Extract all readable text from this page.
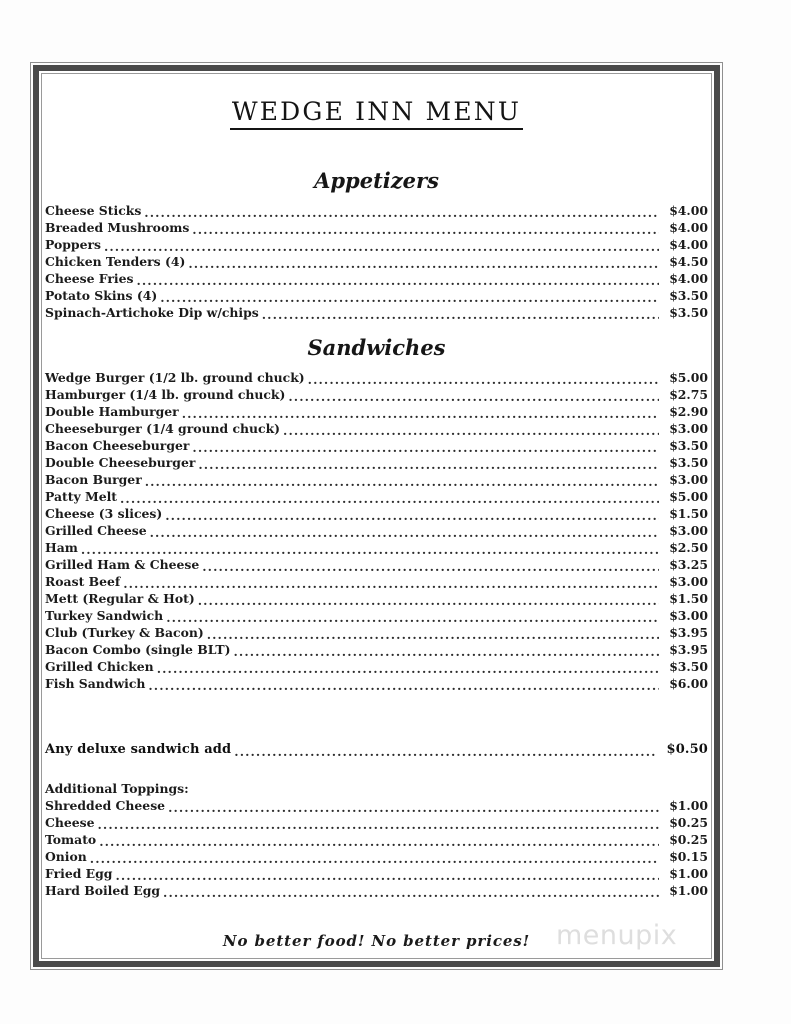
WEDGE INN MENU
Appetizers
Cheese Sticks .....	$4.00
Breaded Mushrooms .....	$4.00
Poppers .....	$4.00
Chicken Tenders (4) .....	$4.50
Cheese Fries .....	$4.00
Potato Skins (4) .....	$3.50
Spinach-Artichoke Dip w/chips .....	$3.50
Sandwiches
Wedge Burger (1/2 lb. ground chuck) .....	$5.00
Hamburger (1/4 lb. ground chuck) .....	$2.75
Double Hamburger .....	$2.90
Cheeseburger (1/4 ground chuck) .....	$3.00
Bacon Cheeseburger .....	$3.50
Double Cheeseburger .....	$3.50
Bacon Burger .....	$3.00
Patty Melt .....	$5.00
Cheese (3 slices) .....	$1.50
Grilled Cheese .....	$3.00
Ham .....	$2.50
Grilled Ham & Cheese .....	$3.25
Roast Beef .....	$3.00
Mett (Regular & Hot) .....	$1.50
Turkey Sandwich .....	$3.00
Club (Turkey & Bacon) .....	$3.95
Bacon Combo (single BLT) .....	$3.95
Grilled Chicken .....	$3.50
Fish Sandwich .....	$6.00
Any deluxe sandwich add .....	$0.50
Additional Toppings:
Shredded Cheese .....	$1.00
Cheese .....	$0.25
Tomato .....	$0.25
Onion .....	$0.15
Fried Egg .....	$1.00
Hard Boiled Egg .....	$1.00
No better food! No better prices! menupix
